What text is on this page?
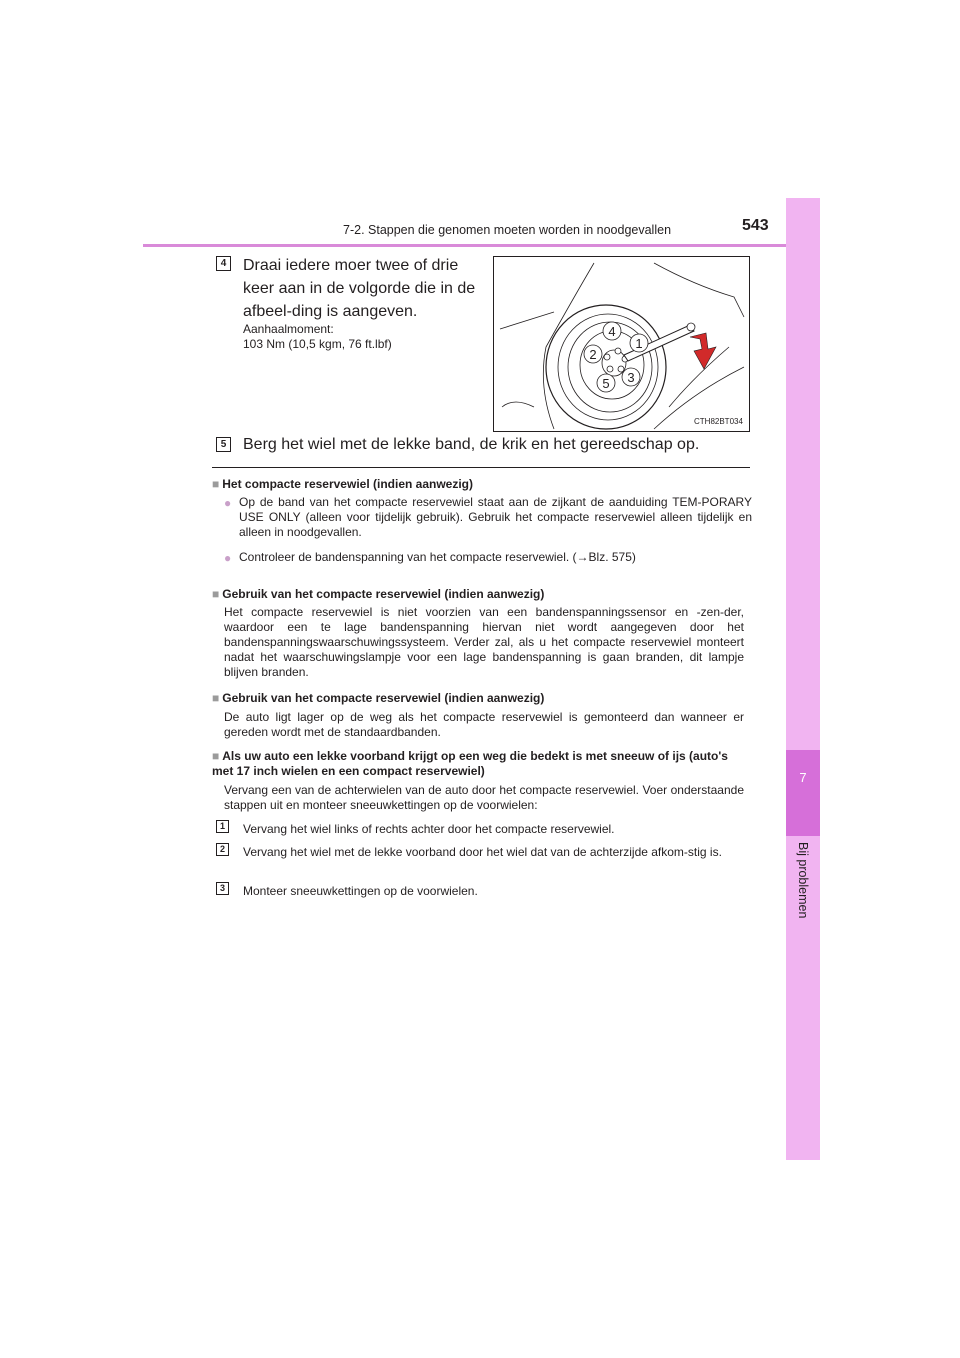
7
Bij problemen
7-2. Stappen die genomen moeten worden in noodgevallen	543
4 Draai iedere moer twee of drie keer aan in de volgorde die in de afbeel-ding is aangeven.
Aanhaalmoment:
103 Nm (10,5 kgm, 76 ft.lbf)
4
1
2
3
5
CTH82BT034
5 Berg het wiel met de lekke band, de krik en het gereedschap op.
■ Het compacte reservewiel (indien aanwezig)
● Op de band van het compacte reservewiel staat aan de zijkant de aanduiding TEM-PORARY USE ONLY (alleen voor tijdelijk gebruik). Gebruik het compacte reservewiel alleen tijdelijk en alleen in noodgevallen.
● Controleer de bandenspanning van het compacte reservewiel. (→Blz. 575)
■ Gebruik van het compacte reservewiel (indien aanwezig)
Het compacte reservewiel is niet voorzien van een bandenspanningssensor en -zen-der, waardoor een te lage bandenspanning hiervan niet wordt aangegeven door het bandenspanningswaarschuwingssysteem. Verder zal, als u het compacte reservewiel monteert nadat het waarschuwingslampje voor een lage bandenspanning is gaan branden, dit lampje blijven branden.
■ Gebruik van het compacte reservewiel (indien aanwezig)
De auto ligt lager op de weg als het compacte reservewiel is gemonteerd dan wanneer er gereden wordt met de standaardbanden.
■ Als uw auto een lekke voorband krijgt op een weg die bedekt is met sneeuw of ijs (auto's met 17 inch wielen en een compact reservewiel)
Vervang een van de achterwielen van de auto door het compacte reservewiel. Voer onderstaande stappen uit en monteer sneeuwkettingen op de voorwielen:
1	Vervang het wiel links of rechts achter door het compacte reservewiel.
2	Vervang het wiel met de lekke voorband door het wiel dat van de achterzijde afkom-stig is.
3	Monteer sneeuwkettingen op de voorwielen.
